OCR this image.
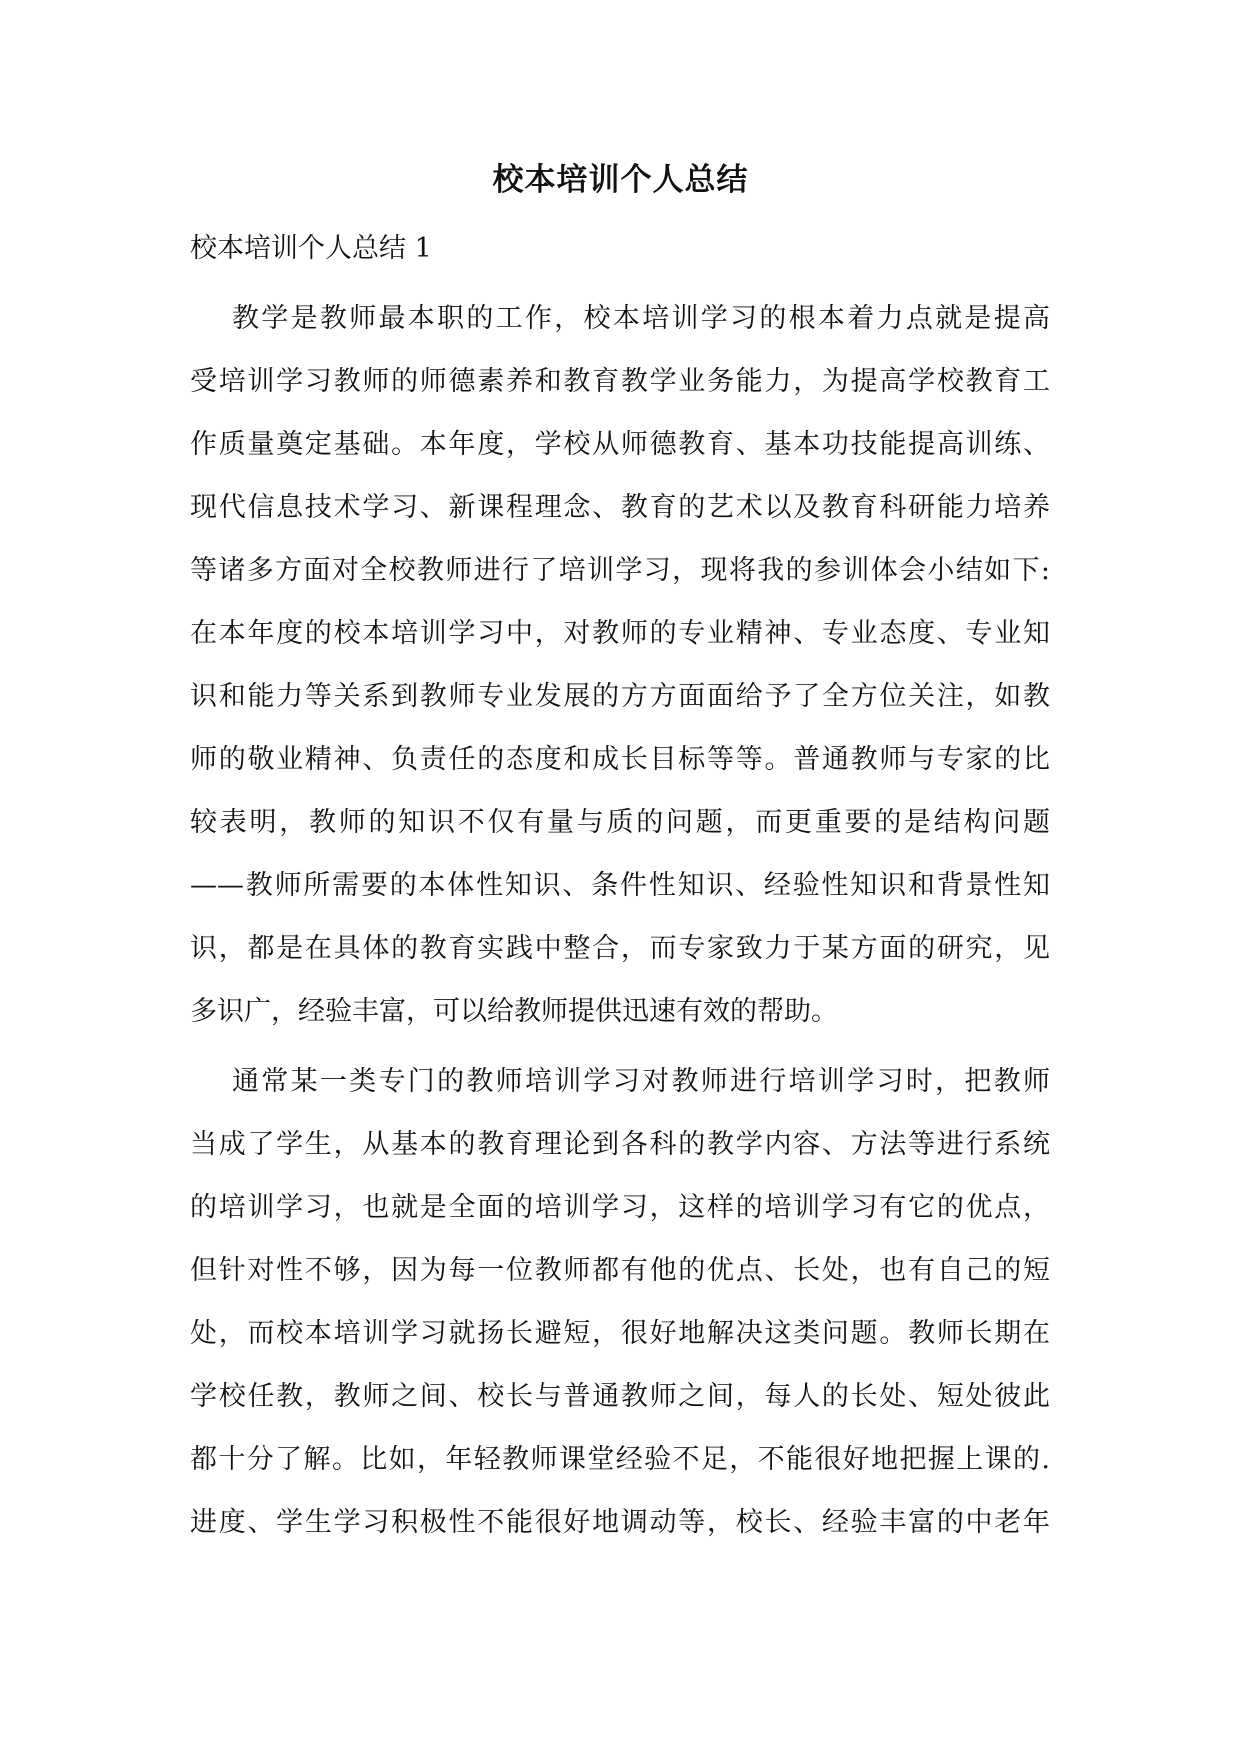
校本培训个人总结
校本培训个人总结 1
教学是教师最本职的工作，校本培训学习的根本着力点就是提高
受培训学习教师的师德素养和教育教学业务能力，为提高学校教育工
作质量奠定基础。本年度，学校从师德教育、基本功技能提高训练、
现代信息技术学习、新课程理念、教育的艺术以及教育科研能力培养
等诸多方面对全校教师进行了培训学习，现将我的参训体会小结如下:
在本年度的校本培训学习中，对教师的专业精神、专业态度、专业知
识和能力等关系到教师专业发展的方方面面给予了全方位关注，如教
师的敬业精神、负责任的态度和成长目标等等。普通教师与专家的比
较表明，教师的知识不仅有量与质的问题，而更重要的是结构问题
——教师所需要的本体性知识、条件性知识、经验性知识和背景性知
识，都是在具体的教育实践中整合，而专家致力于某方面的研究，见
多识广，经验丰富，可以给教师提供迅速有效的帮助。
通常某一类专门的教师培训学习对教师进行培训学习时，把教师
当成了学生，从基本的教育理论到各科的教学内容、方法等进行系统
的培训学习，也就是全面的培训学习，这样的培训学习有它的优点，
但针对性不够，因为每一位教师都有他的优点、长处，也有自己的短
处，而校本培训学习就扬长避短，很好地解决这类问题。教师长期在
学校任教，教师之间、校长与普通教师之间，每人的长处、短处彼此
都十分了解。比如，年轻教师课堂经验不足，不能很好地把握上课的.
进度、学生学习积极性不能很好地调动等，校长、经验丰富的中老年
